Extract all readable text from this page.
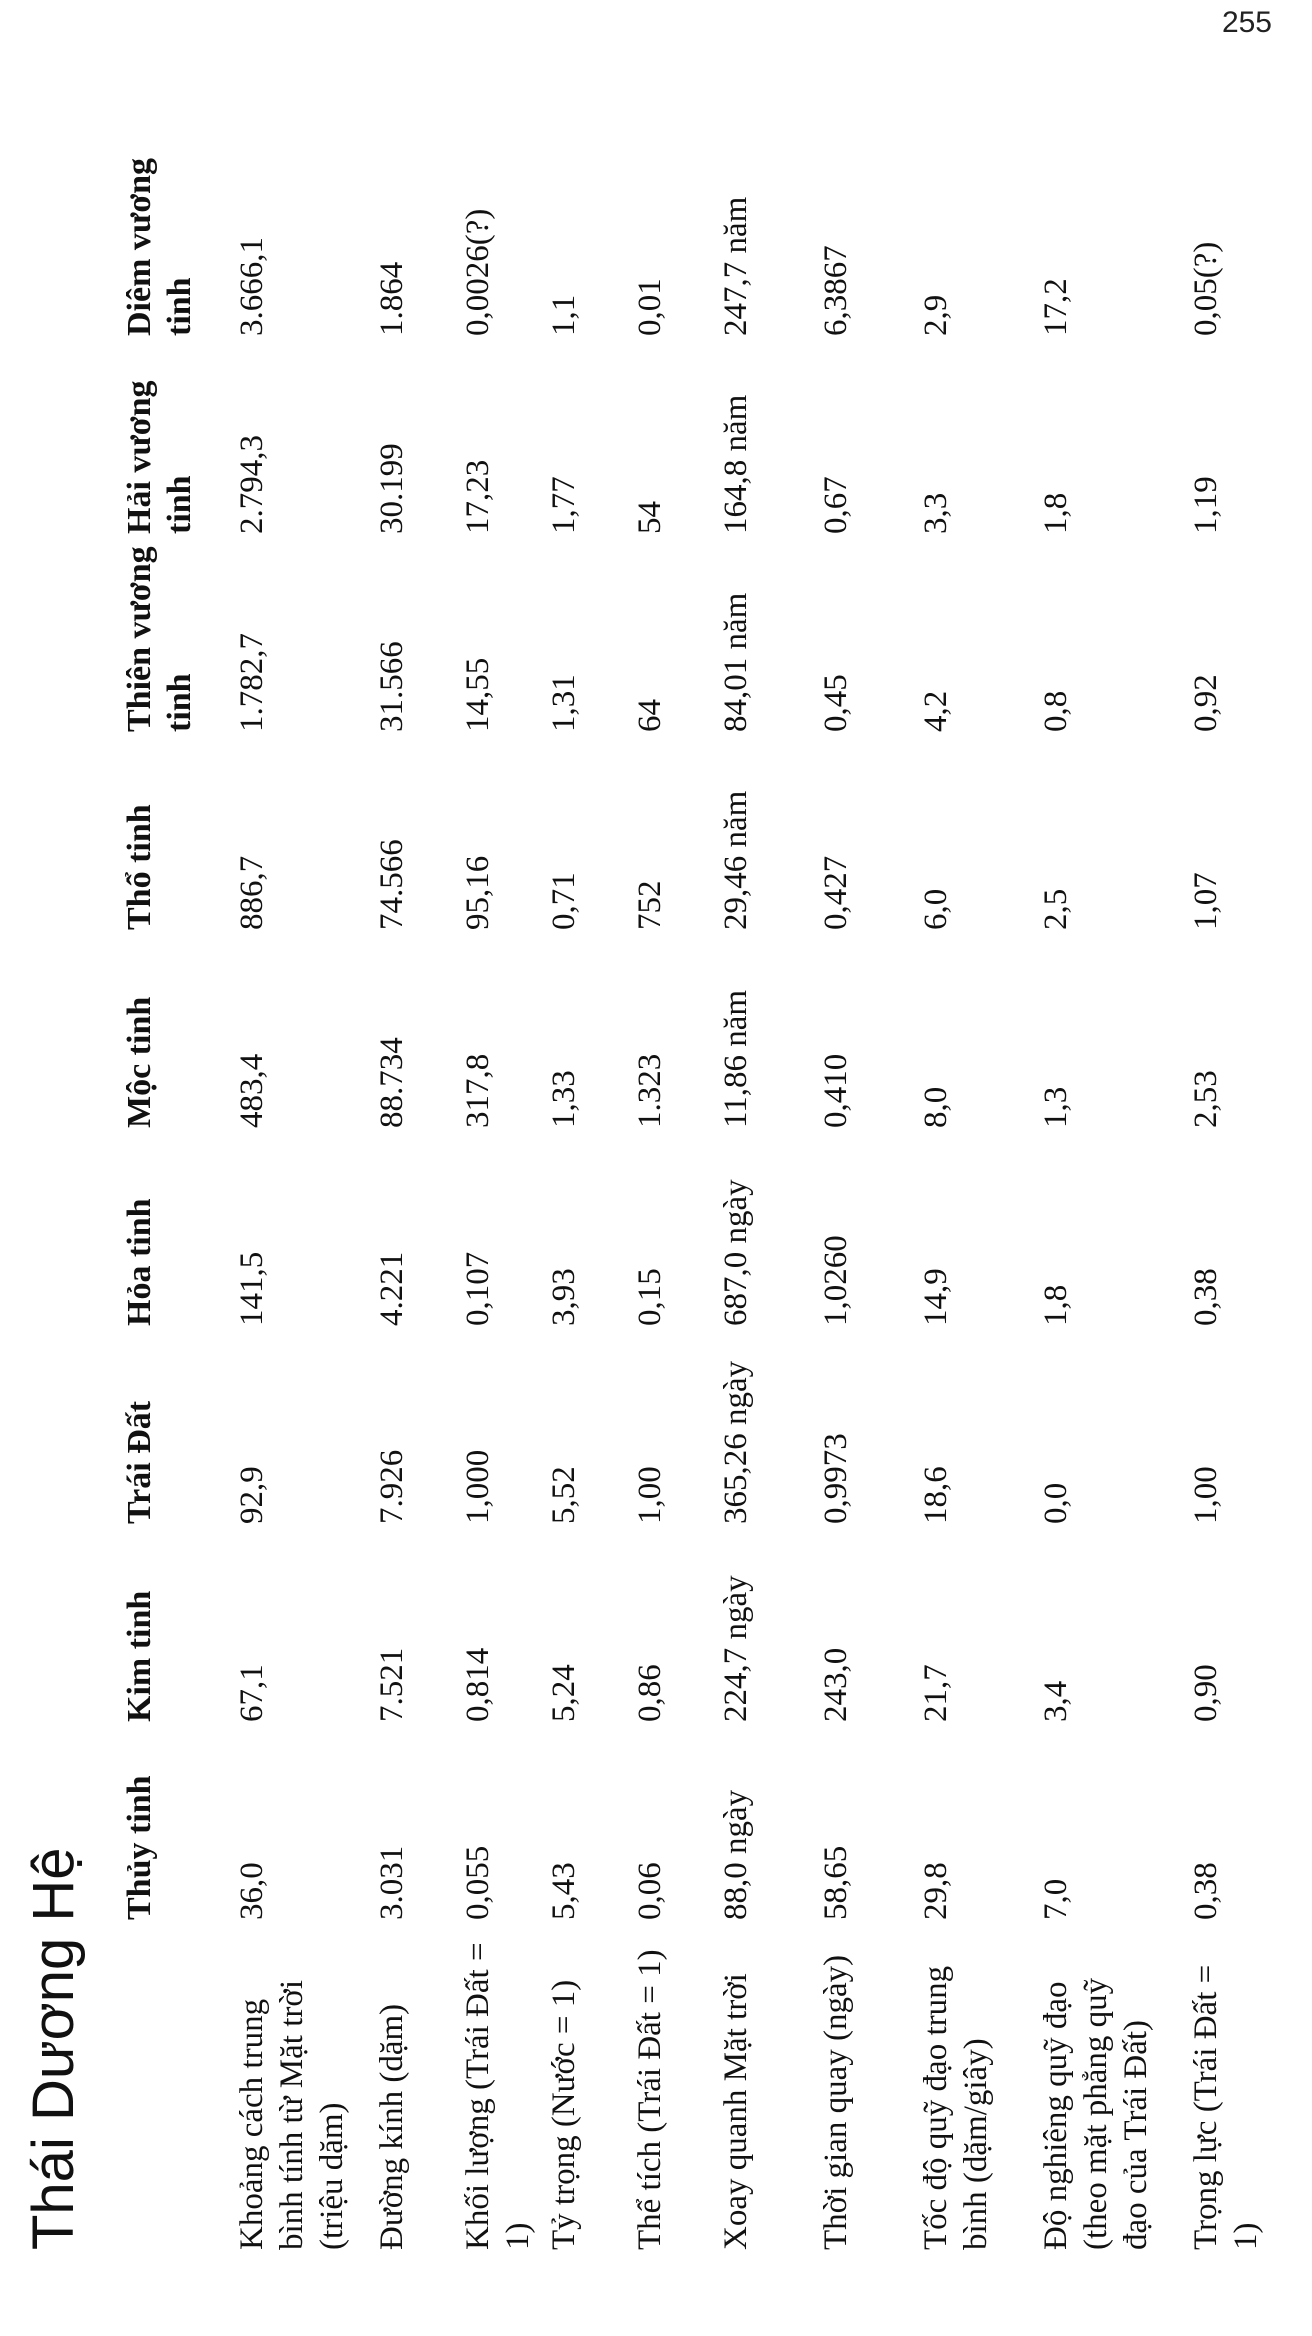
255
Thái Dương Hệ Thủy tinh
Kim tinh
Trái Đất
Hỏa tinh
Mộc tinh
Thổ tinh
Thiên vương tinh
Hải vương tinh
Diêm vương tinh
Khoảng cách trung bình tính từ Mặt trời (triệu dặm)
36,0
67,1
92,9
141,5
483,4
886,7
1.782,7
2.794,3
3.666,1
Đường kính (dặm)
3.031
7.521
7.926
4.221
88.734
74.566
31.566
30.199
1.864
Khối lượng (Trái Đất = 1)
0,055
0,814
1,000
0,107
317,8
95,16
14,55
17,23
0,0026(?)
Tỷ trọng (Nước = 1)
5,43
5,24
5,52
3,93
1,33
0,71
1,31
1,77
1,1
Thể tích (Trái Đất = 1)
0,06
0,86
1,00
0,15
1.323
752
64
54
0,01
Xoay quanh Mặt trời
88,0 ngày
224,7 ngày
365,26 ngày
687,0 ngày
11,86 năm
29,46 năm
84,01 năm
164,8 năm
247,7 năm
Thời gian quay (ngày)
58,65
243,0
0,9973
1,0260
0,410
0,427
0,45
0,67
6,3867
Tốc độ quỹ đạo trung bình (dặm/giây)
29,8
21,7
18,6
14,9
8,0
6,0
4,2
3,3
2,9
Độ nghiêng quỹ đạo (theo mặt phẳng quỹ đạo của Trái Đất)
7,0
3,4
0,0
1,8
1,3
2,5
0,8
1,8
17,2
Trọng lực (Trái Đất = 1)
0,38
0,90
1,00
0,38
2,53
1,07
0,92
1,19
0,05(?)
